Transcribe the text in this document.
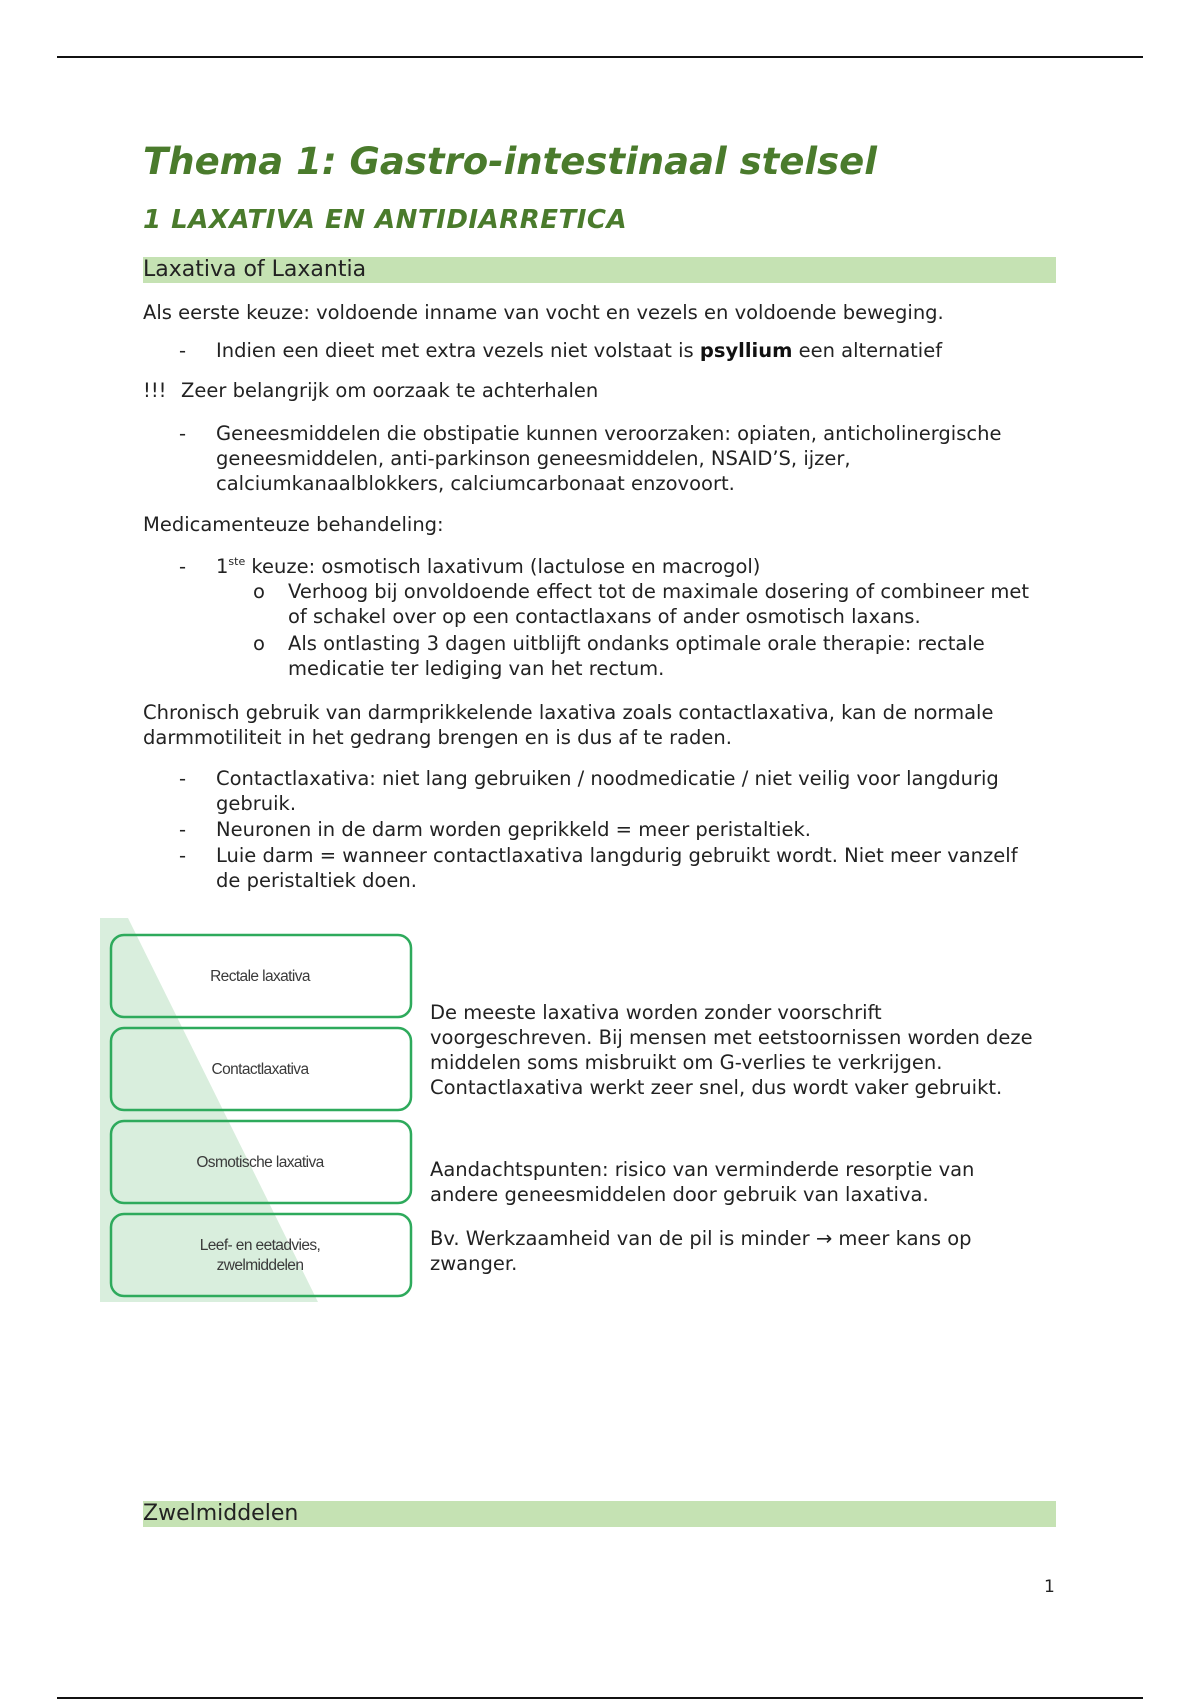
Thema 1: Gastro-intestinaal stelsel
1 LAXATIVA EN ANTIDIARRETICA
Laxativa of Laxantia

Als eerste keuze: voldoende inname van vocht en vezels en voldoende beweging.

- Indien een dieet met extra vezels niet volstaat is psyllium een alternatief
!!! Zeer belangrijk om oorzaak te achterhalen
- Geneesmiddelen die obstipatie kunnen veroorzaken: opiaten, anticholinergische
geneesmiddelen, anti-parkinson geneesmiddelen, NSAID’S, ijzer,
calciumkanaalblokkers, calciumcarbonaat enzovoort.

Medicamenteuze behandeling:

- 1ste keuze: osmotisch laxativum (lactulose en macrogol)
o Verhoog bij onvoldoende effect tot de maximale dosering of combineer met
of schakel over op een contactlaxans of ander osmotisch laxans.
o Als ontlasting 3 dagen uitblijft ondanks optimale orale therapie: rectale
medicatie ter lediging van het rectum.
Chronisch gebruik van darmprikkelende laxativa zoals contactlaxativa, kan de normale
darmmotiliteit in het gedrang brengen en is dus af te raden.
- Contactlaxativa: niet lang gebruiken / noodmedicatie / niet veilig voor langdurig
gebruik.
- Neuronen in de darm worden geprikkeld = meer peristaltiek.
- Luie darm = wanneer contactlaxativa langdurig gebruikt wordt. Niet meer vanzelf
de peristaltiek doen.
Rectale laxativa
Contactlaxativa
Osmotische laxativa
Leef- en eetadvies,
zwelmiddelen
De meeste laxativa worden zonder voorschrift
voorgeschreven. Bij mensen met eetstoornissen worden deze
middelen soms misbruikt om G-verlies te verkrijgen.
Contactlaxativa werkt zeer snel, dus wordt vaker gebruikt.
Aandachtspunten: risico van verminderde resorptie van
andere geneesmiddelen door gebruik van laxativa.
Bv. Werkzaamheid van de pil is minder → meer kans op
zwanger.
Zwelmiddelen
1
